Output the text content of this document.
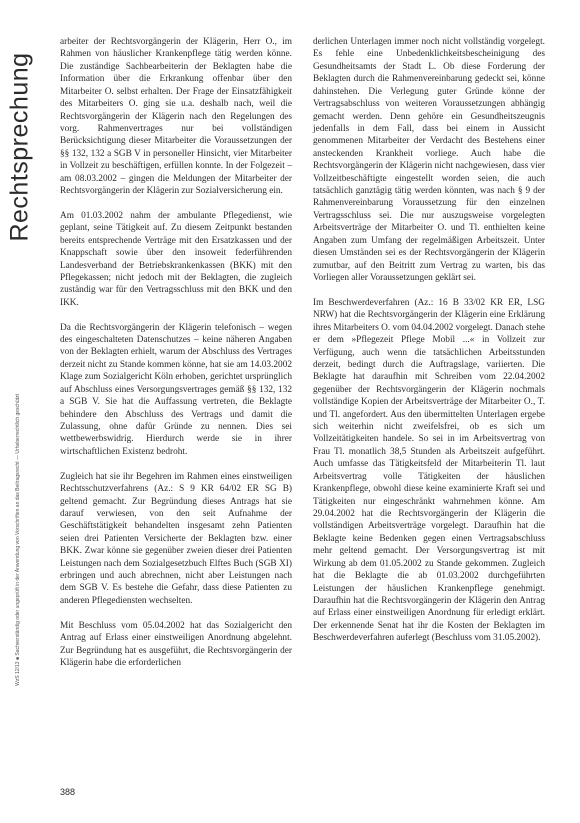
Rechtsprechung
WzS 12/13 ■ Sachverständig oder ungeprüft in der Anwendung von Vorschriften an das Beitragsrecht — Urheberrechtlich geschützt

arbeiter der Rechtsvorgängerin der Klägerin, Herr O., im Rahmen von häuslicher Krankenpflege tätig werden könne. Die zuständige Sachbearbeiterin der Beklagten habe die Information über die Erkrankung offenbar über den Mitarbeiter O. selbst erhalten. Der Frage der Einsatzfähigkeit des Mitarbeiters O. ging sie u.a. deshalb nach, weil die Rechtsvorgängerin der Klägerin nach den Regelungen des vorg. Rahmenvertrages nur bei vollständigen Berücksichtigung dieser Mitarbeiter die Voraussetzungen der §§ 132, 132 a SGB V in personeller Hinsicht, vier Mitarbeiter in Vollzeit zu beschäftigen, erfüllen konnte. In der Folgezeit – am 08.03.2002 – gingen die Meldungen der Mitarbeiter der Rechtsvorgängerin der Klägerin zur Sozialversicherung ein.

Am 01.03.2002 nahm der ambulante Pflegedienst, wie geplant, seine Tätigkeit auf. Zu diesem Zeitpunkt bestanden bereits entsprechende Verträge mit den Ersatzkassen und der Knappschaft sowie über den insoweit federführenden Landesverband der Betriebskrankenkassen (BKK) mit den Pflegekassen; nicht jedoch mit der Beklagten, die zugleich zuständig war für den Vertragsschluss mit den BKK und den IKK.

Da die Rechtsvorgängerin der Klägerin telefonisch – wegen des eingeschalteten Datenschutzes – keine näheren Angaben von der Beklagten erhielt, warum der Abschluss des Vertrages derzeit nicht zu Stande kommen könne, hat sie am 14.03.2002 Klage zum Sozialgericht Köln erhoben, gerichtet ursprünglich auf Abschluss eines Versorgungsvertrages gemäß §§ 132, 132 a SGB V. Sie hat die Auffassung vertreten, die Beklagte behindere den Abschluss des Vertrags und damit die Zulassung, ohne dafür Gründe zu nennen. Dies sei wettbewerbswidrig. Hierdurch werde sie in ihrer wirtschaftlichen Existenz bedroht.

Zugleich hat sie ihr Begehren im Rahmen eines einstweiligen Rechtsschutzverfahrens (Az.: S 9 KR 64/02 ER SG B) geltend gemacht. Zur Begründung dieses Antrags hat sie darauf verwiesen, von den seit Aufnahme der Geschäftstätigkeit behandelten insgesamt zehn Patienten seien drei Patienten Versicherte der Beklagten bzw. einer BKK. Zwar könne sie gegenüber zweien dieser drei Patienten Leistungen nach dem Sozialgesetzbuch Elftes Buch (SGB XI) erbringen und auch abrechnen, nicht aber Leistungen nach dem SGB V. Es bestehe die Gefahr, dass diese Patienten zu anderen Pflegediensten wechselten.

Mit Beschluss vom 05.04.2002 hat das Sozialgericht den Antrag auf Erlass einer einstweiligen Anordnung abgelehnt. Zur Begründung hat es ausgeführt, die Rechtsvorgängerin der Klägerin habe die erforderlichen

derlichen Unterlagen immer noch nicht vollständig vorgelegt. Es fehle eine Unbedenklichkeitsbescheinigung des Gesundheitsamts der Stadt L. Ob diese Forderung der Beklagten durch die Rahmenvereinbarung gedeckt sei, könne dahinstehen. Die Verlegung guter Gründe könne der Vertragsabschluss von weiteren Voraussetzungen abhängig gemacht werden. Denn gehöre ein Gesundheitszeugnis jedenfalls in dem Fall, dass bei einem in Aussicht genommenen Mitarbeiter der Verdacht des Bestehens einer ansteckenden Krankheit vorliege. Auch habe die Rechtsvorgängerin der Klägerin nicht nachgewiesen, dass vier Vollzeitbeschäftigte eingestellt worden seien, die auch tatsächlich ganztägig tätig werden könnten, was nach § 9 der Rahmenvereinbarung Voraussetzung für den einzelnen Vertragsschluss sei. Die nur auszugsweise vorgelegten Arbeitsverträge der Mitarbeiter O. und Tl. enthielten keine Angaben zum Umfang der regelmäßigen Arbeitszeit. Unter diesen Umständen sei es der Rechtsvorgängerin der Klägerin zumutbar, auf den Beitritt zum Vertrag zu warten, bis das Vorliegen aller Voraussetzungen geklärt sei.

Im Beschwerdeverfahren (Az.: 16 B 33/02 KR ER, LSG NRW) hat die Rechtsvorgängerin der Klägerin eine Erklärung ihres Mitarbeiters O. vom 04.04.2002 vorgelegt. Danach stehe er dem »Pflegezeit Pflege Mobil ...« in Vollzeit zur Verfügung, auch wenn die tatsächlichen Arbeitsstunden derzeit, bedingt durch die Auftragslage, variierten. Die Beklagte hat daraufhin mit Schreiben vom 22.04.2002 gegenüber der Rechtsvorgängerin der Klägerin nochmals vollständige Kopien der Arbeitsverträge der Mitarbeiter O., T. und Tl. angefordert. Aus den übermittelten Unterlagen ergebe sich weiterhin nicht zweifelsfrei, ob es sich um Vollzeitätigkeiten handele. So sei in im Arbeitsvertrag von Frau Tl. monatlich 38,5 Stunden als Arbeitszeit aufgeführt. Auch umfasse das Tätigkeitsfeld der Mitarbeiterin Tl. laut Arbeitsvertrag volle Tätigkeiten der häuslichen Krankenpflege, obwohl diese keine examinierte Kraft sei und Tätigkeiten nur eingeschränkt wahrnehmen könne. Am 29.04.2002 hat die Rechtsvorgängerin der Klägerin die vollständigen Arbeitsverträge vorgelegt. Daraufhin hat die Beklagte keine Bedenken gegen einen Vertragsabschluss mehr geltend gemacht. Der Versorgungsvertrag ist mit Wirkung ab dem 01.05.2002 zu Stande gekommen. Zugleich hat die Beklagte die ab 01.03.2002 durchgeführten Leistungen der häuslichen Krankenpflege genehmigt. Daraufhin hat die Rechtsvorgängerin der Klägerin den Antrag auf Erlass einer einstweiligen Anordnung für erledigt erklärt. Der erkennende Senat hat ihr die Kosten der Beklagten im Beschwerdeverfahren auferlegt (Beschluss vom 31.05.2002).

388
